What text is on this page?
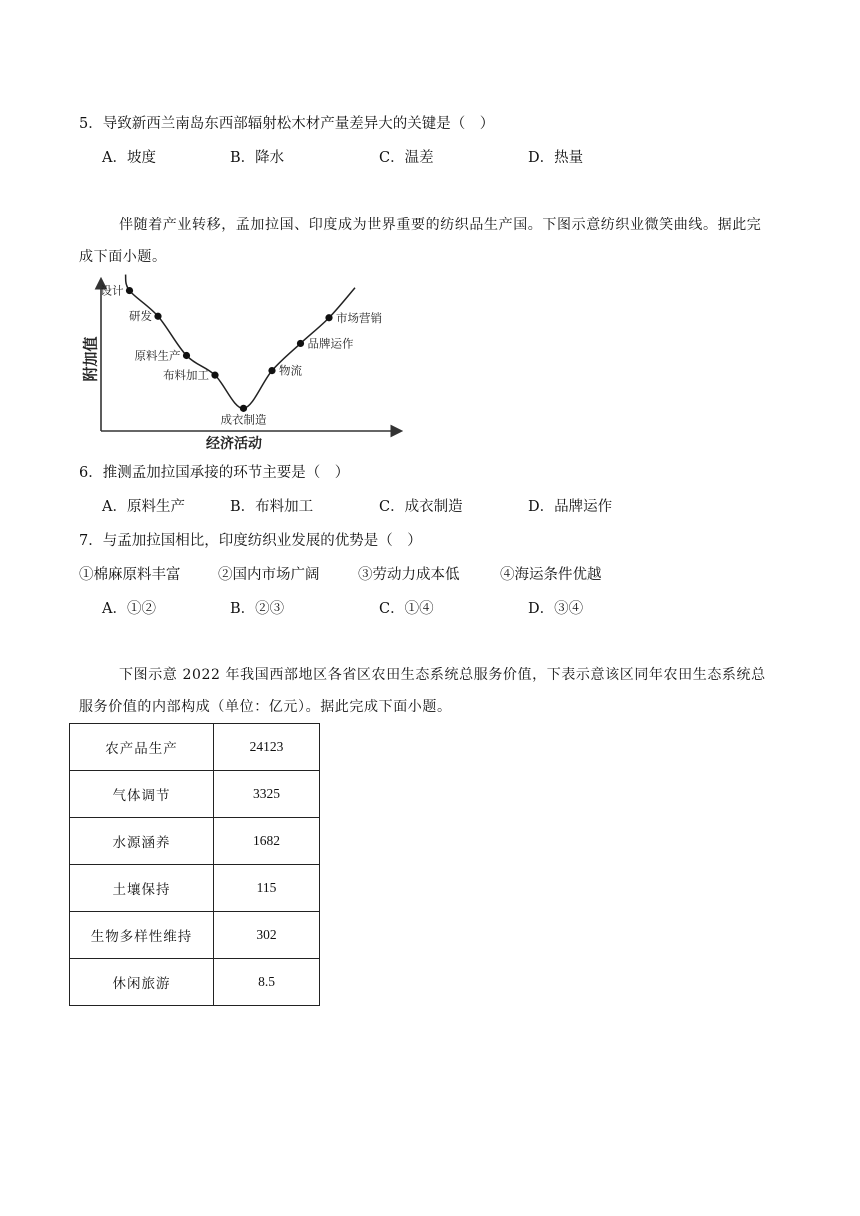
5．导致新西兰南岛东西部辐射松木材产量差异大的关键是（　）
A．坡度	B．降水	C．温差	D．热量
伴随着产业转移，孟加拉国、印度成为世界重要的纺织品生产国。下图示意纺织业微笑曲线。据此完
成下面小题。
设计
研发
原料生产
布料加工
成衣制造
物流
品牌运作
市场营销
附加值
经济活动
6．推测孟加拉国承接的环节主要是（　）
A．原料生产	B．布料加工	C．成衣制造	D．品牌运作
7．与孟加拉国相比，印度纺织业发展的优势是（　）
①棉麻原料丰富	②国内市场广阔	③劳动力成本低	④海运条件优越
A．①②	B．②③	C．①④	D．③④
下图示意 2022 年我国西部地区各省区农田生态系统总服务价值，下表示意该区同年农田生态系统总
服务价值的内部构成（单位：亿元）。据此完成下面小题。
农产品生产	24123
气体调节	3325
水源涵养	1682
土壤保持	115
生物多样性维持	302
休闲旅游	8.5
